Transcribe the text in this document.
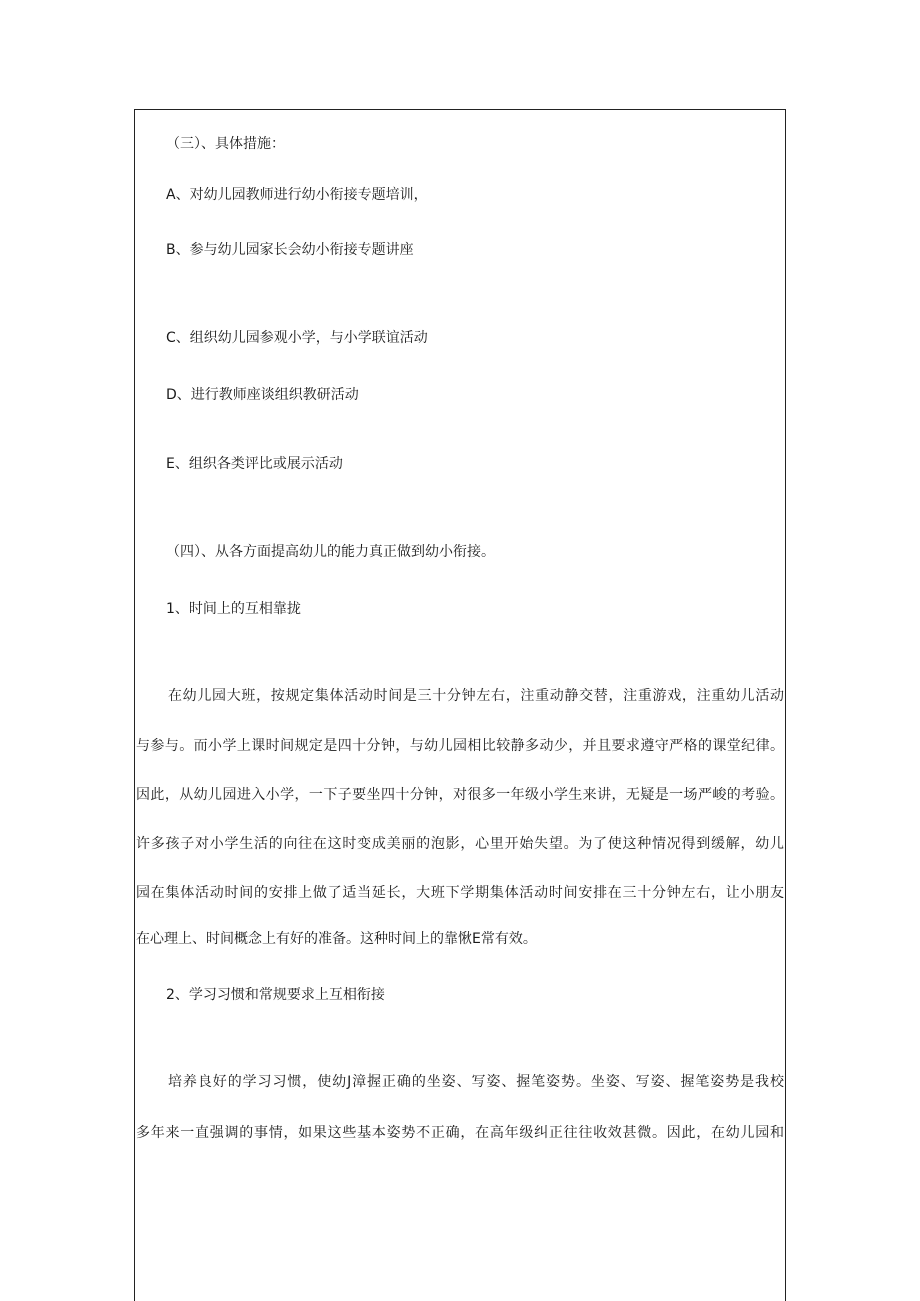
（三）、具体措施：
A、对幼儿园教师进行幼小衔接专题培训，
B、参与幼儿园家长会幼小衔接专题讲座
C、组织幼儿园参观小学，与小学联谊活动
D、进行教师座谈组织教研活动
E、组织各类评比或展示活动
（四）、从各方面提高幼儿的能力真正做到幼小衔接。
1、时间上的互相靠拢
在幼儿园大班，按规定集体活动时间是三十分钟左右，注重动静交替，注重游戏，注重幼儿活动
与参与。而小学上课时间规定是四十分钟，与幼儿园相比较静多动少，并且要求遵守严格的课堂纪律。
因此，从幼儿园进入小学，一下子要坐四十分钟，对很多一年级小学生来讲，无疑是一场严峻的考验。
许多孩子对小学生活的向往在这时变成美丽的泡影，心里开始失望。为了使这种情况得到缓解，幼儿
园在集体活动时间的安排上做了适当延长，大班下学期集体活动时间安排在三十分钟左右，让小朋友
在心理上、时间概念上有好的准备。这种时间上的靠愀E常有效。
2、学习习惯和常规要求上互相衔接
培养良好的学习习惯，使幼J漳握正确的坐姿、写姿、握笔姿势。坐姿、写姿、握笔姿势是我校
多年来一直强调的事情，如果这些基本姿势不正确，在高年级纠正往往收效甚微。因此，在幼儿园和
